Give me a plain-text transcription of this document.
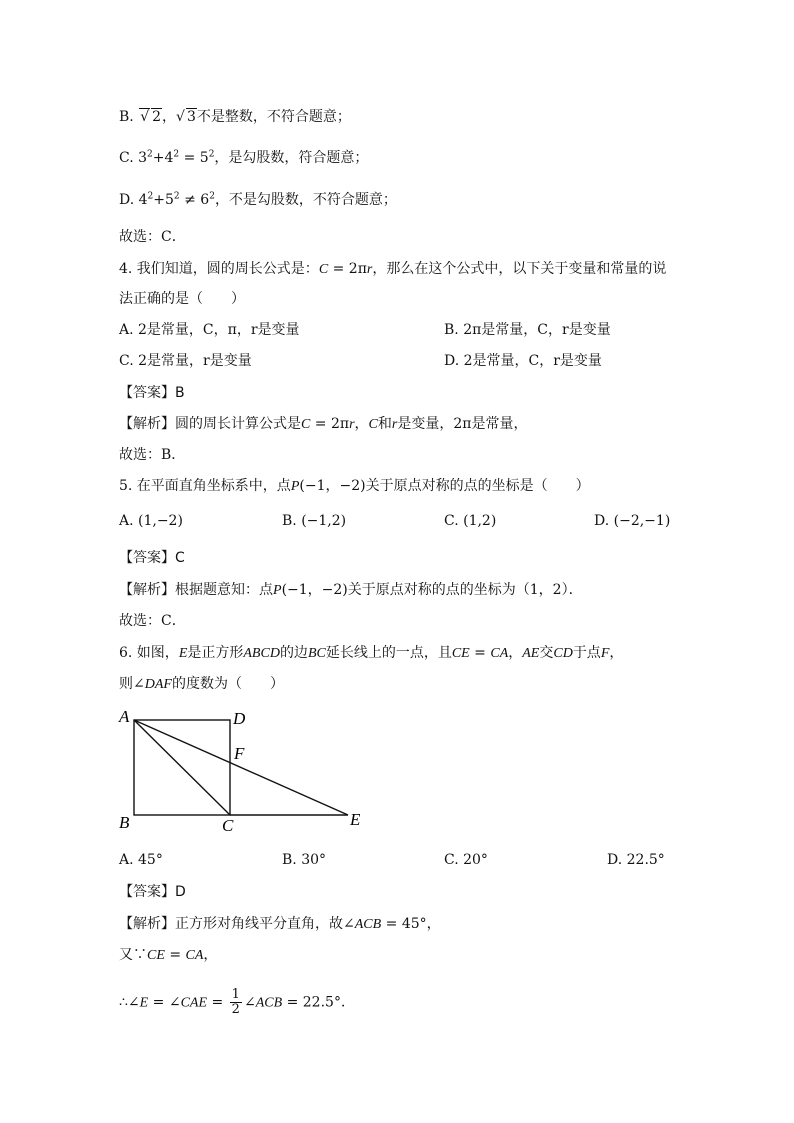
B. √ 2，√ 3不是整数，不符合题意；
C. $3^2+4^2 = 5^2$，是勾股数，符合题意；
D. $4^2+5^2 \ne 6^2$，不是勾股数，不符合题意；
故选：C．
4. 我们知道，圆的周长公式是：C = 2πr，那么在这个公式中，以下关于变量和常量的说
法正确的是（　　）
A. 2是常量，C，π，r是变量	B. 2π是常量，C，r是变量
C. 2是常量，r是变量	D. 2是常量，C，r是变量
【答案】B
【解析】圆的周长计算公式是C = 2πr，C和r是变量，2π是常量，
故选：B．
5. 在平面直角坐标系中，点P(−1，−2)关于原点对称的点的坐标是（　　）
A. (1,−2)	B. (−1,2)	C. (1,2)	D. (−2,−1)
【答案】C
【解析】根据题意知：点P(−1，−2)关于原点对称的点的坐标为（1，2）．
故选：C．
6. 如图，E是正方形ABCD的边BC延长线上的一点，且CE = CA，AE交CD于点F，
则∠DAF的度数为（　　）
A	D
F
B	C	E
A. 45°	B. 30°	C. 20°	D. 22.5°
【答案】D
【解析】正方形对角线平分直角，故∠ACB = 45°，
又∵CE = CA，
∴∠E = ∠CAE = $\frac{1}{2}$ ∠ACB = 22.5°．
